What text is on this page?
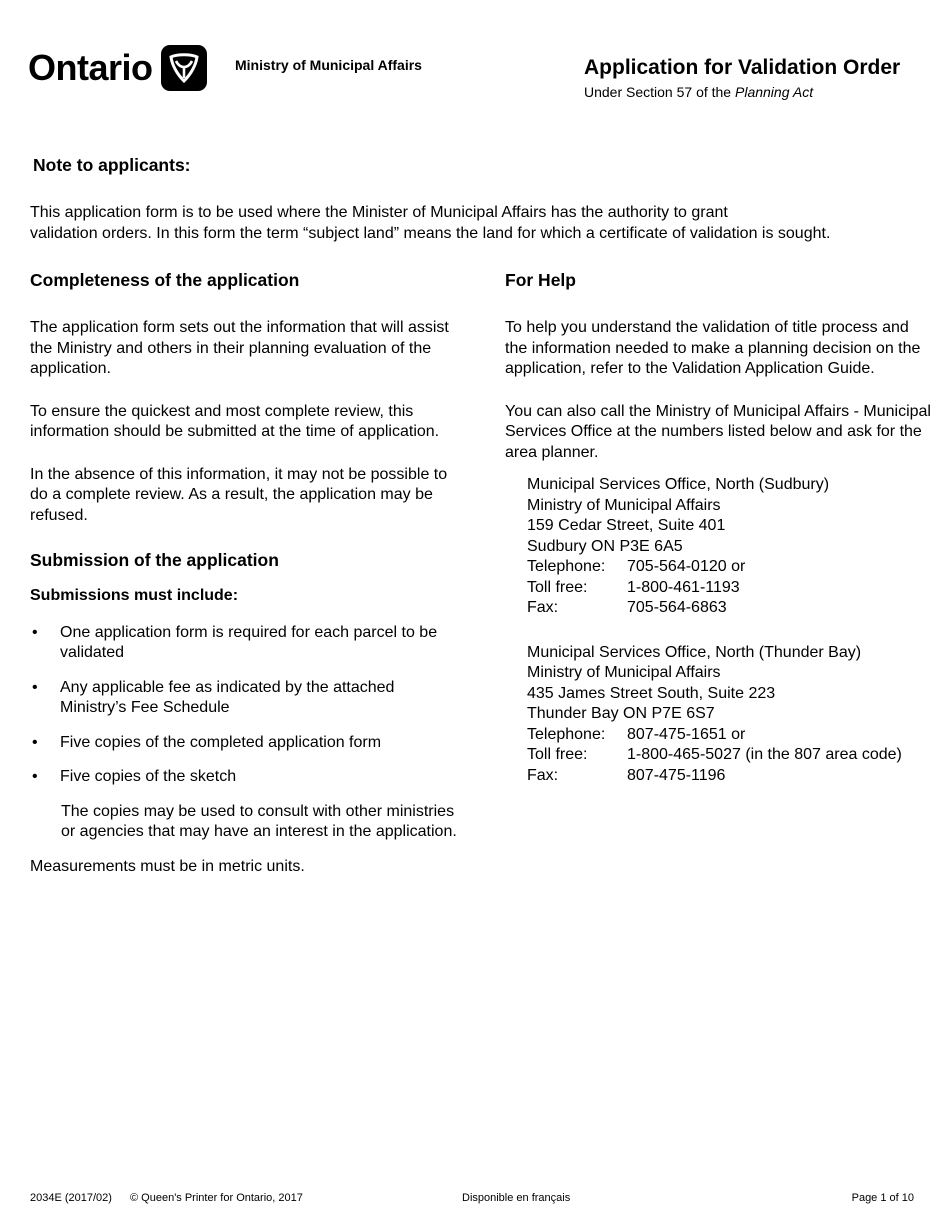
Ontario	Ministry of Municipal Affairs	Application for Validation Order
Under Section 57 of the Planning Act
Note to applicants:
This application form is to be used where the Minister of Municipal Affairs has the authority to grant
validation orders. In this form the term “subject land” means the land for which a certificate of validation is sought.
Completeness of the application

The application form sets out the information that will assist the Ministry and others in their planning evaluation of the application.

To ensure the quickest and most complete review, this information should be submitted at the time of application.

In the absence of this information, it may not be possible to do a complete review. As a result, the application may be refused.

Submission of the application

Submissions must include:

• One application form is required for each parcel to be validated
• Any applicable fee as indicated by the attached Ministry’s Fee Schedule
• Five copies of the completed application form
• Five copies of the sketch

The copies may be used to consult with other ministries or agencies that may have an interest in the application.

Measurements must be in metric units.

For Help

To help you understand the validation of title process and the information needed to make a planning decision on the application, refer to the Validation Application Guide.

You can also call the Ministry of Municipal Affairs - Municipal Services Office at the numbers listed below and ask for the area planner.

Municipal Services Office, North (Sudbury)
Ministry of Municipal Affairs
159 Cedar Street, Suite 401
Sudbury ON P3E 6A5
Telephone:	705-564-0120 or
Toll free:	1-800-461-1193
Fax:	705-564-6863
Municipal Services Office, North (Thunder Bay)
Ministry of Municipal Affairs
435 James Street South, Suite 223
Thunder Bay ON P7E 6S7
Telephone:	807-475-1651 or
Toll free:	1-800-465-5027 (in the 807 area code)
Fax:	807-475-1196
2034E (2017/02) © Queen's Printer for Ontario, 2017	Disponible en français	Page 1 of 10
